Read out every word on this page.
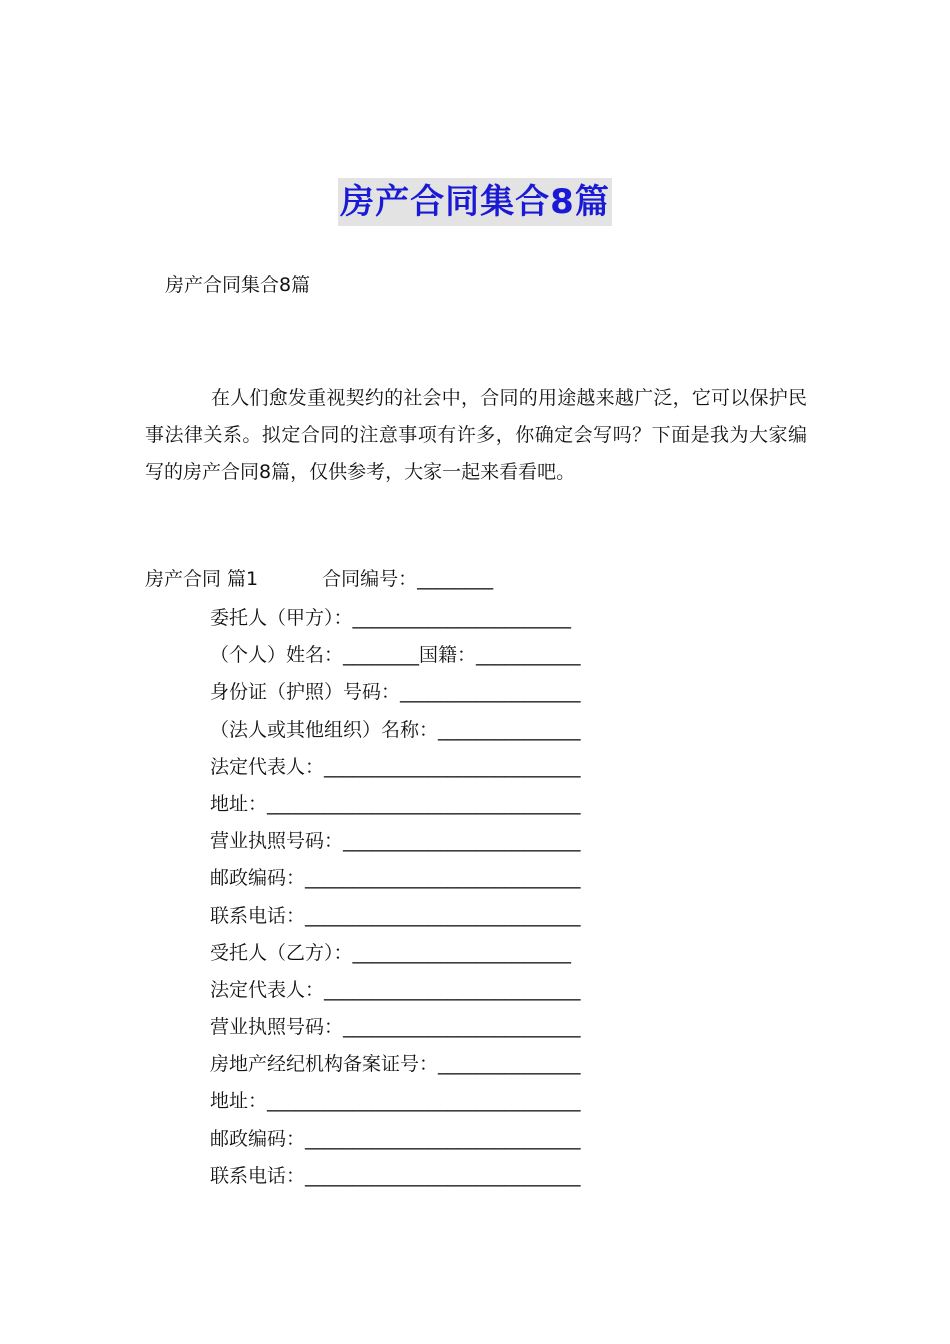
房产合同集合8篇
房产合同集合8篇

在人们愈发重视契约的社会中，合同的用途越来越广泛，它可以保护民事法律关系。拟定合同的注意事项有许多，你确定会写吗？下面是我为大家编写的房产合同8篇，仅供参考，大家一起来看看吧。

房产合同 篇1	合同编号：________
委托人（甲方）：_______________________
（个人）姓名：________国籍：___________
身份证（护照）号码：___________________
（法人或其他组织）名称：_______________
法定代表人：___________________________
地址：_________________________________
营业执照号码：_________________________
邮政编码：_____________________________
联系电话：_____________________________
受托人（乙方）：_______________________
法定代表人：___________________________
营业执照号码：_________________________
房地产经纪机构备案证号：_______________
地址：_________________________________
邮政编码：_____________________________
联系电话：_____________________________
